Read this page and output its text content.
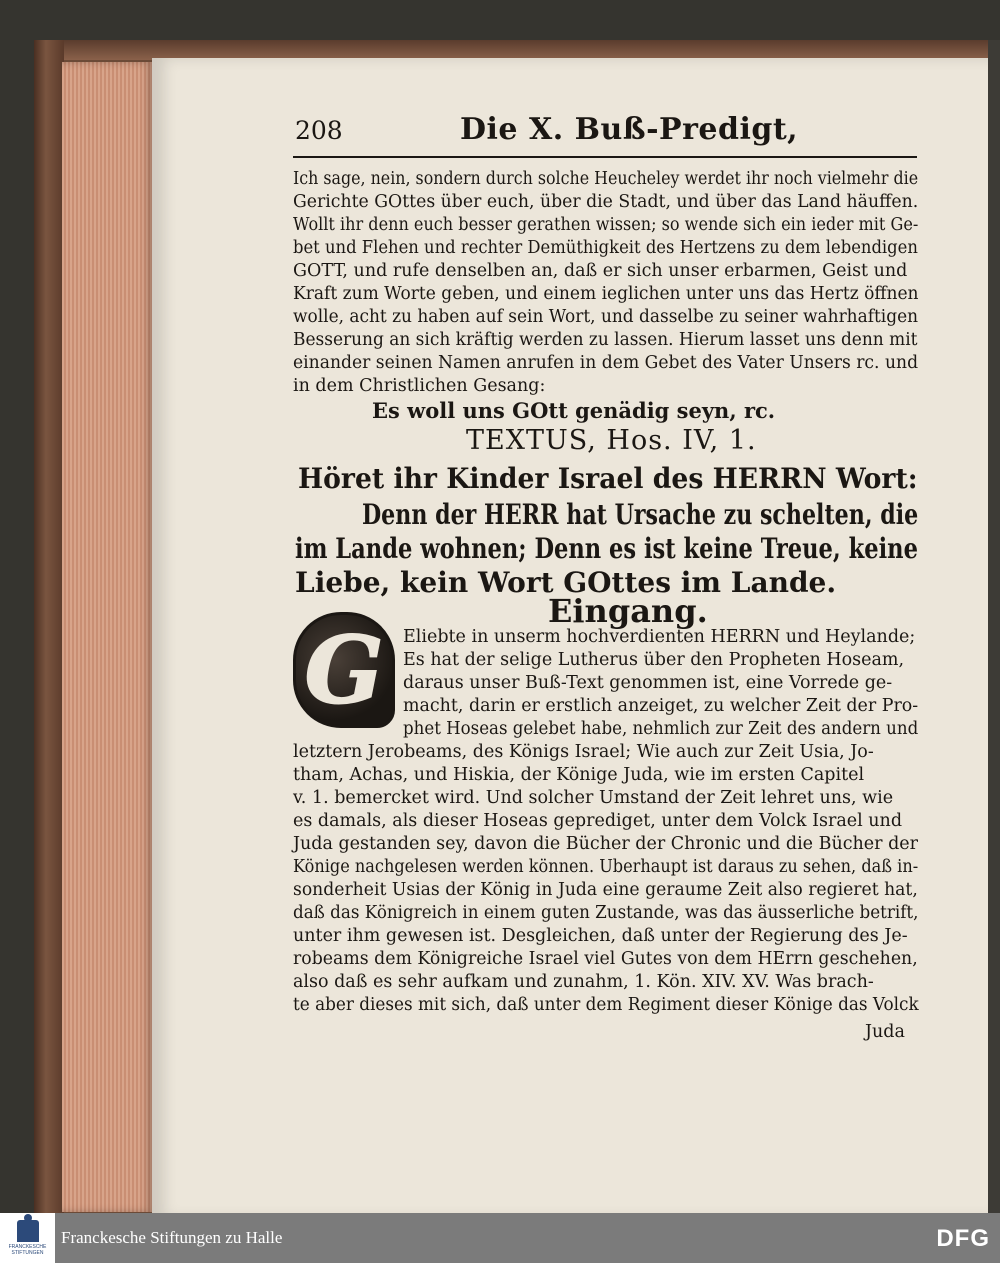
208	Die X. Buß-Predigt,
Ich sage, nein, sondern durch solche Heucheley werdet ihr noch vielmehr die
Gerichte GOttes über euch, über die Stadt, und über das Land häuffen.
Wollt ihr denn euch besser gerathen wissen; so wende sich ein ieder mit Ge-
bet und Flehen und rechter Demüthigkeit des Hertzens zu dem lebendigen
GOTT, und rufe denselben an, daß er sich unser erbarmen, Geist und
Kraft zum Worte geben, und einem ieglichen unter uns das Hertz öffnen
wolle, acht zu haben auf sein Wort, und dasselbe zu seiner wahrhaftigen
Besserung an sich kräftig werden zu lassen. Hierum lasset uns denn mit
einander seinen Namen anrufen in dem Gebet des Vater Unsers rc. und
in dem Christlichen Gesang:
Es woll uns GOtt genädig seyn, rc.
TEXTUS, Hos. IV, 1.
Höret ihr Kinder Israel des HERRN Wort:
Denn der HERR hat Ursache zu schelten, die
im Lande wohnen; Denn es ist keine Treue, keine
Liebe, kein Wort GOttes im Lande.
Eingang.
G Eliebte in unserm hochverdienten HERRN und Heylande;
Es hat der selige Lutherus über den Propheten Hoseam,
daraus unser Buß-Text genommen ist, eine Vorrede ge-
macht, darin er erstlich anzeiget, zu welcher Zeit der Pro-
phet Hoseas gelebet habe, nehmlich zur Zeit des andern und
letztern Jerobeams, des Königs Israel; Wie auch zur Zeit Usia, Jo-
tham, Achas, und Hiskia, der Könige Juda, wie im ersten Capitel
v. 1. bemercket wird. Und solcher Umstand der Zeit lehret uns, wie
es damals, als dieser Hoseas geprediget, unter dem Volck Israel und
Juda gestanden sey, davon die Bücher der Chronic und die Bücher der
Könige nachgelesen werden können. Uberhaupt ist daraus zu sehen, daß in-
sonderheit Usias der König in Juda eine geraume Zeit also regieret hat,
daß das Königreich in einem guten Zustande, was das äusserliche betrift,
unter ihm gewesen ist. Desgleichen, daß unter der Regierung des Je-
robeams dem Königreiche Israel viel Gutes von dem HErrn geschehen,
also daß es sehr aufkam und zunahm, 1. Kön. XIV. XV. Was brach-
te aber dieses mit sich, daß unter dem Regiment dieser Könige das Volck
Juda
FRANCKESCHE STIFTUNGEN
Franckesche Stiftungen zu Halle	DFG
